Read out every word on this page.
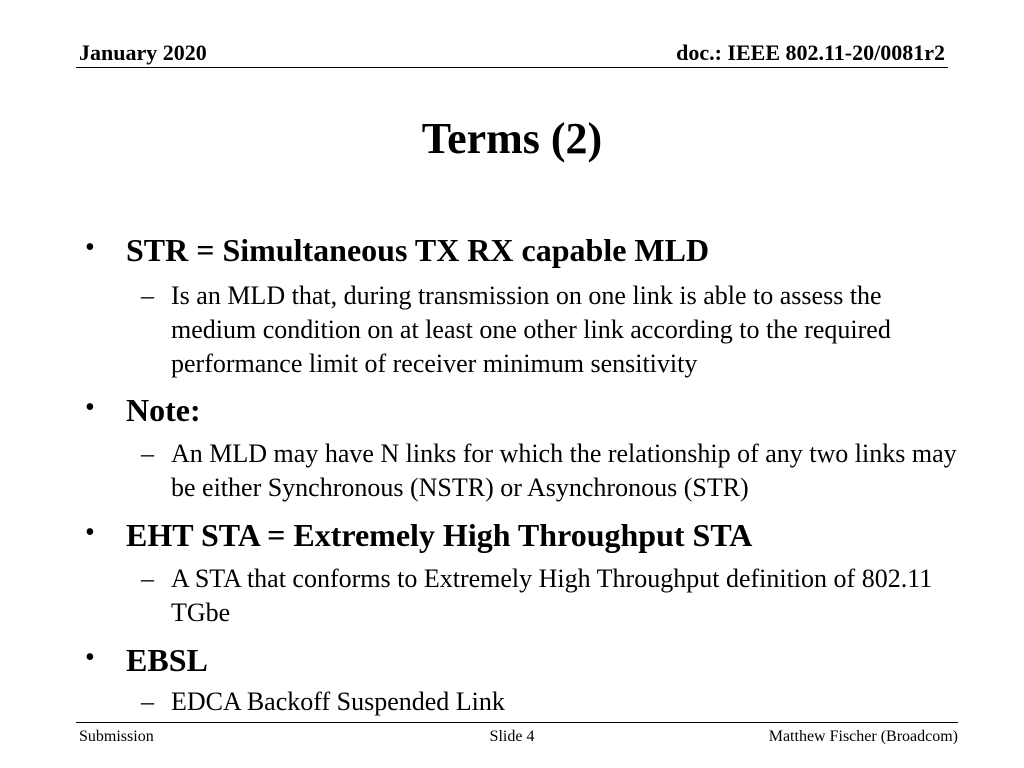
January 2020	doc.: IEEE 802.11-20/0081r2
Terms (2)
• STR = Simultaneous TX RX capable MLD
– Is an MLD that, during transmission on one link is able to assess the medium condition on at least one other link according to the required performance limit of receiver minimum sensitivity
• Note:
– An MLD may have N links for which the relationship of any two links may be either Synchronous (NSTR) or Asynchronous (STR)
• EHT STA = Extremely High Throughput STA
– A STA that conforms to Extremely High Throughput definition of 802.11 TGbe
• EBSL
– EDCA Backoff Suspended Link
Submission	Slide 4	Matthew Fischer (Broadcom)
